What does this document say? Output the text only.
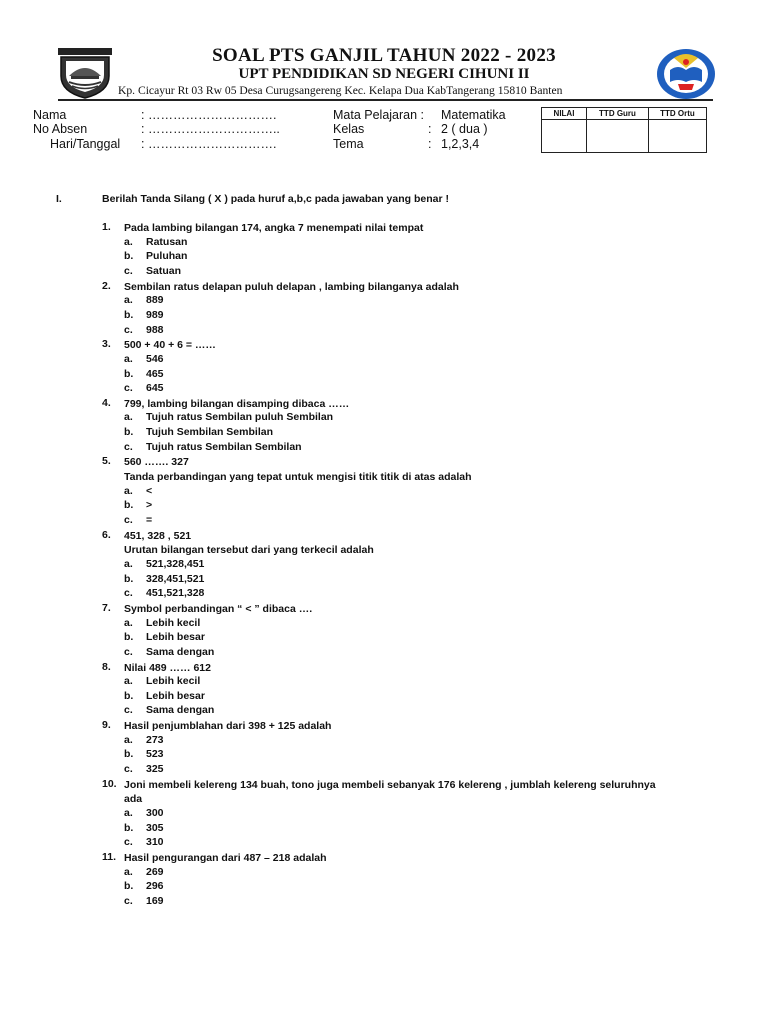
SOAL PTS GANJIL TAHUN 2022 - 2023
UPT PENDIDIKAN SD NEGERI CIHUNI II
Kp. Cicayur Rt 03 Rw 05 Desa Curugsangereng Kec. Kelapa Dua KabTangerang 15810 Banten
Nama	: ………………………….
No Absen	: …………………………..
Hari/Tanggal : ………………………….
Mata Pelajaran : Matematika
Kelas	: 2 ( dua )
Tema	: 1,2,3,4
NILAI	TTD Guru	TTD Ortu

I.	Berilah Tanda Silang ( X ) pada huruf a,b,c pada jawaban yang benar !
1.	Pada lambing bilangan 174, angka 7 menempati nilai tempat
a.	Ratusan
b.	Puluhan
c.	Satuan
2.	Sembilan ratus delapan puluh delapan , lambing bilanganya adalah
a.	889
b.	989
c.	988
3.	500 + 40 + 6 = ……
a.	546
b.	465
c.	645
4.	799, lambing bilangan disamping dibaca ……
a.	Tujuh ratus Sembilan puluh Sembilan
b.	Tujuh Sembilan Sembilan
c.	Tujuh ratus Sembilan Sembilan
5.	560 ……. 327
Tanda perbandingan yang tepat untuk mengisi titik titik di atas adalah
a.	<
b.	>
c.	=
6.	451, 328 , 521
Urutan bilangan tersebut dari yang terkecil adalah
a.	521,328,451
b.	328,451,521
c.	451,521,328
7.	Symbol perbandingan “ < ” dibaca ….
a.	Lebih kecil
b.	Lebih besar
c.	Sama dengan
8.	Nilai 489 …… 612
a.	Lebih kecil
b.	Lebih besar
c.	Sama dengan
9.	Hasil penjumblahan dari 398 + 125 adalah
a.	273
b.	523
c.	325
10. Joni membeli kelereng 134 buah, tono juga membeli sebanyak 176 kelereng , jumblah kelereng seluruhnya
ada
a.	300
b.	305
c.	310
11. Hasil pengurangan dari 487 – 218 adalah
a.	269
b.	296
c.	169
